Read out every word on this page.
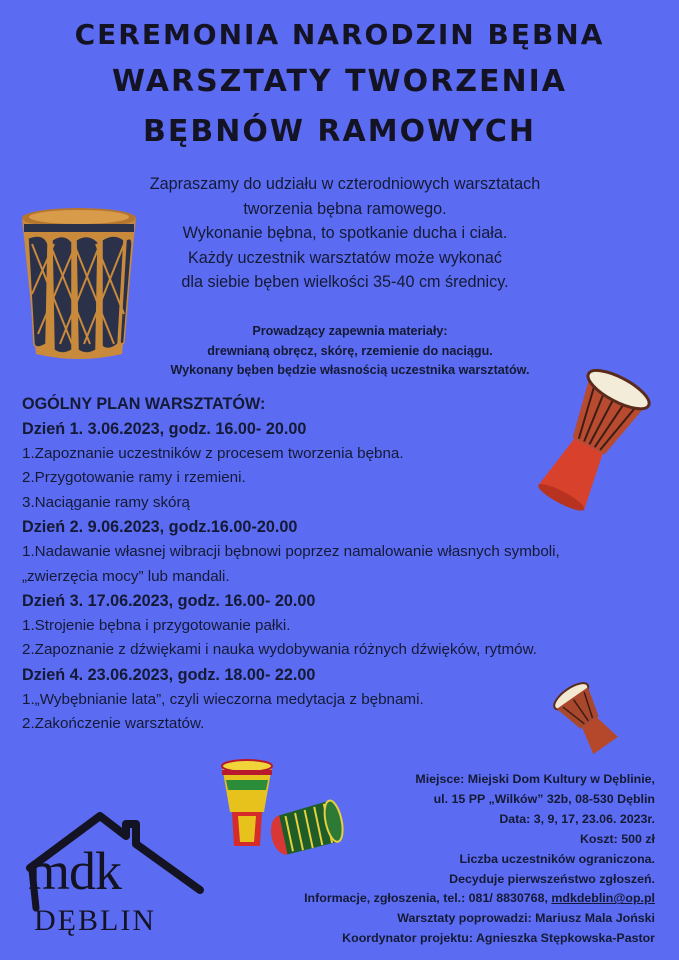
CEREMONIA NARODZIN BĘBNA
WARSZTATY TWORZENIA
BĘBNÓW RAMOWYCH
Zapraszamy do udziału w czterodniowych warsztatach
tworzenia bębna ramowego.
Wykonanie bębna, to spotkanie ducha i ciała.
Każdy uczestnik warsztatów może wykonać
dla siebie bęben wielkości 35-40 cm średnicy.
Prowadzący zapewnia materiały:
drewnianą obręcz, skórę, rzemienie do naciągu.
Wykonany bęben będzie własnością uczestnika warsztatów.
OGÓLNY PLAN WARSZTATÓW:
Dzień 1. 3.06.2023, godz. 16.00- 20.00
1.Zapoznanie uczestników z procesem tworzenia bębna.
2.Przygotowanie ramy i rzemieni.
3.Naciąganie ramy skórą
Dzień 2. 9.06.2023, godz.16.00-20.00
1.Nadawanie własnej wibracji bębnowi poprzez namalowanie własnych symboli,
„zwierzęcia mocy” lub mandali.
Dzień 3. 17.06.2023, godz. 16.00- 20.00
1.Strojenie bębna i przygotowanie pałki.
2.Zapoznanie z dźwiękami i nauka wydobywania różnych dźwięków, rytmów.
Dzień 4. 23.06.2023, godz. 18.00- 22.00
1.„Wybębnianie lata”, czyli wieczorna medytacja z bębnami.
2.Zakończenie warsztatów.
Miejsce: Miejski Dom Kultury w Dęblinie,
ul. 15 PP „Wilków” 32b, 08-530 Dęblin
Data: 3, 9, 17, 23.06. 2023r.
Koszt: 500 zł
Liczba uczestników ograniczona.
Decyduje pierwszeństwo zgłoszeń.
Informacje, zgłoszenia, tel.: 081/ 8830768, mdkdeblin@op.pl
Warsztaty poprowadzi: Mariusz Mala Joński
Koordynator projektu: Agnieszka Stępkowska-Pastor
mdk
DĘBLIN
